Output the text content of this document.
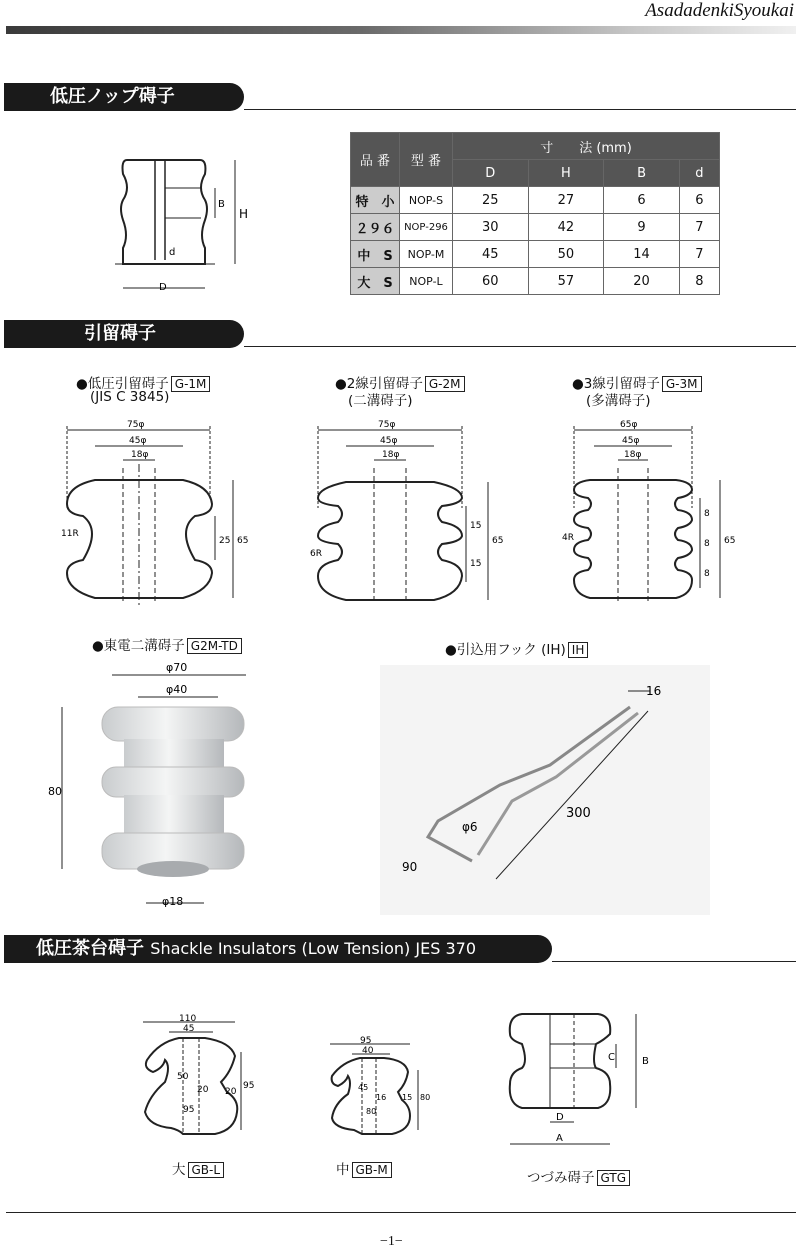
AsadadenkiSyoukai
低圧ノップ碍子
B
H
d
D
品 番	型 番	寸　　法 (mm)			
		D	H	B	d
特　小	NOP-S	25	27	6	6
２９６	NOP-296	30	42	9	7
中　S	NOP-M	45	50	14	7
大　S	NOP-L	60	57	20	8
引留碍子
●低圧引留碍子 G-1M
(JIS C 3845)
75φ
45φ
18φ
25 65
11R
●2線引留碍子 G-2M
(二溝碍子)
75φ
45φ
18φ
15
15
65
6R
●3線引留碍子 G-3M
(多溝碍子)
65φ
45φ
18φ
8
8
8
65
4R
●東電二溝碍子 G2M-TD
φ70
φ40
80
φ18
●引込用フック (IH) IH
16
300
φ6
90
低圧茶台碍子 Shackle Insulators (Low Tension) JES 370
110
45
50
20 20
95
95
大 GB-L
95
40
45
16 15
80
80
中 GB-M
C	B
D
A
つづみ碍子 GTG
−1−
